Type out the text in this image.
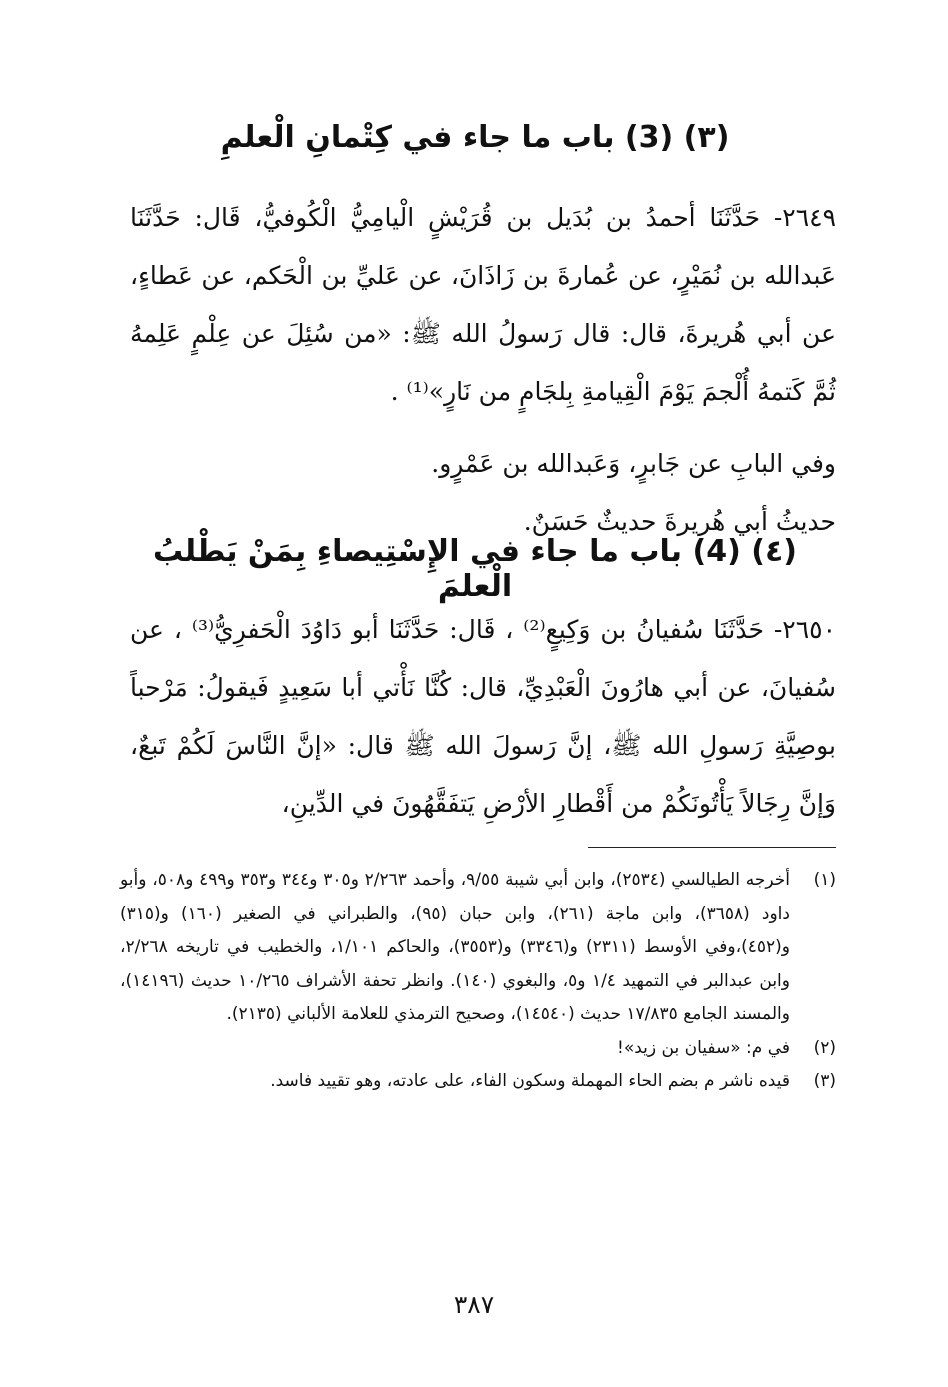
(٣) (3) باب ما جاء في كِتْمانِ الْعلمِ

٢٦٤٩- حَدَّثَنَا أحمدُ بن بُدَيل بن قُرَيْشٍ الْيامِيُّ الْكُوفيُّ، قَال: حَدَّثَنَا عَبدالله بن نُمَيْرٍ، عن عُمارةَ بن زَاذَانَ، عن عَليِّ بن الْحَكم، عن عَطاءٍ، عن أبي هُريرةَ، قال: قال رَسولُ الله ﷺ: «من سُئِلَ عن عِلْمٍ عَلِمهُ ثُمَّ كَتمهُ أُلْجمَ يَوْمَ الْقِيامةِ بِلجَامٍ من نَارٍ»⁽¹⁾ .

وفي البابِ عن جَابرٍ، وَعَبدالله بن عَمْرٍو.

حديثُ أبي هُريرةَ حديثٌ حَسَنٌ.

(٤) (4) باب ما جاء في الإِسْتِيصاءِ بِمَنْ يَطْلبُ الْعلمَ

٢٦٥٠- حَدَّثَنَا سُفيانُ بن وَكِيعٍ⁽²⁾ ، قَال: حَدَّثَنَا أبو دَاوُدَ الْحَفرِيُّ⁽³⁾ ، عن سُفيانَ، عن أبي هارُونَ الْعَبْدِيِّ، قال: كُنَّا نَأْتي أبا سَعِيدٍ فَيقولُ: مَرْحباً بوصِيَّةِ رَسولِ الله ﷺ، إنَّ رَسولَ الله ﷺ قال: «إنَّ النَّاسَ لَكُمْ تَبعٌ، وَإنَّ رِجَالاً يَأْتُونَكُمْ من أَقْطارِ الأرْضِ يَتفَقَّهُونَ في الدِّينِ،

(١)
أخرجه الطيالسي (٢٥٣٤)، وابن أبي شيبة ٩/٥٥، وأحمد ٢/٢٦٣ و٣٠٥ و٣٤٤ و٣٥٣ و٤٩٩ و٥٠٨، وأبو داود (٣٦٥٨)، وابن ماجة (٢٦١)، وابن حبان (٩٥)، والطبراني في الصغير (١٦٠) و(٣١٥) و(٤٥٢)،وفي الأوسط (٢٣١١) و(٣٣٤٦) و(٣٥٥٣)، والحاكم ١/١٠١، والخطيب في تاريخه ٢/٢٦٨، وابن عبدالبر في التمهيد ١/٤ و٥، والبغوي (١٤٠). وانظر تحفة الأشراف ١٠/٢٦٥ حديث (١٤١٩٦)، والمسند الجامع ١٧/٨٣٥ حديث (١٤٥٤٠)، وصحيح الترمذي للعلامة الألباني (٢١٣٥).
(٢)
في م: «سفيان بن زيد»!
(٣)
قيده ناشر م بضم الحاء المهملة وسكون الفاء، على عادته، وهو تقييد فاسد.
٣٨٧
